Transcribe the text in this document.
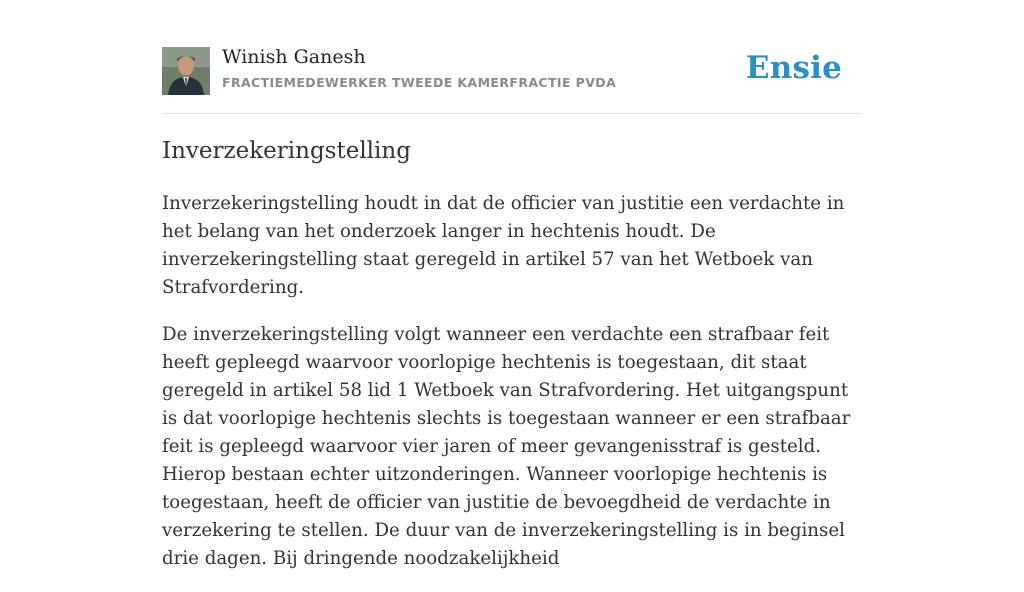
Winish Ganesh
FRACTIEMEDEWERKER TWEEDE KAMERFRACTIE PVDA	Ensie
Inverzekeringstelling

Inverzekeringstelling houdt in dat de officier van justitie een verdachte in het belang van het onderzoek langer in hechtenis houdt. De inverzekeringstelling staat geregeld in artikel 57 van het Wetboek van Strafvordering.

De inverzekeringstelling volgt wanneer een verdachte een strafbaar feit heeft gepleegd waarvoor voorlopige hechtenis is toegestaan, dit staat geregeld in artikel 58 lid 1 Wetboek van Strafvordering. Het uitgangspunt is dat voorlopige hechtenis slechts is toegestaan wanneer er een strafbaar feit is gepleegd waarvoor vier jaren of meer gevangenisstraf is gesteld. Hierop bestaan echter uitzonderingen. Wanneer voorlopige hechtenis is toegestaan, heeft de officier van justitie de bevoegdheid de verdachte in verzekering te stellen. De duur van de inverzekeringstelling is in beginsel drie dagen. Bij dringende noodzakelijkheid
